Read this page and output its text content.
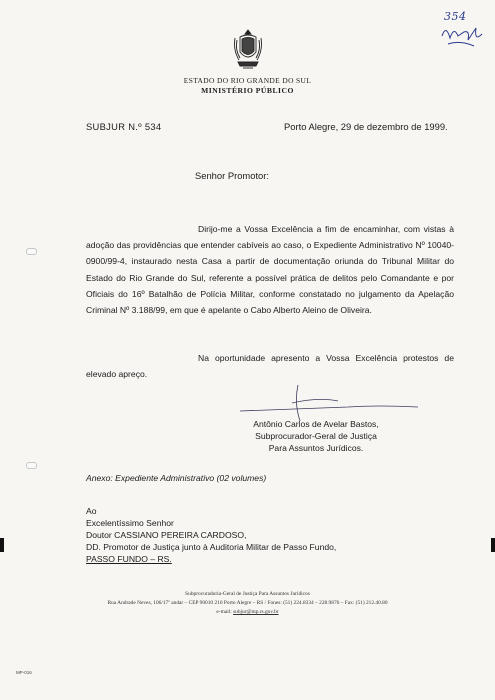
ESTADO DO RIO GRANDE DO SUL
MINISTÉRIO PÚBLICO
354
SUBJUR N.º 534	Porto Alegre, 29 de dezembro de 1999.
Senhor Promotor:
Dirijo-me a Vossa Excelência a fim de encaminhar, com vistas à adoção das providências que entender cabíveis ao caso, o Expediente Administrativo Nº 10040-0900/99-4, instaurado nesta Casa a partir de documentação oriunda do Tribunal Militar do Estado do Rio Grande do Sul, referente a possível prática de delitos pelo Comandante e por Oficiais do 16º Batalhão de Polícia Militar, conforme constatado no julgamento da Apelação Criminal Nº 3.188/99, em que é apelante o Cabo Alberto Aleino de Oliveira.
Na oportunidade apresento a Vossa Excelência protestos de elevado apreço.
Antônio Carlos de Avelar Bastos,
Subprocurador-Geral de Justiça
Para Assuntos Jurídicos.
Anexo: Expediente Administrativo (02 volumes)
Ao
Excelentíssimo Senhor
Doutor CASSIANO PEREIRA CARDOSO,
DD. Promotor de Justiça junto à Auditoria Militar de Passo Fundo,
PASSO FUNDO – RS.
Subprocuradoria-Geral de Justiça Para Assuntos Jurídicos
Rua Andrade Neves, 106/17º andar – CEP 90010 210 Porto Alegre – RS / Fones: (51) 224.8334 – 228.9876 – Fax: (51) 212.40.80
e-mail: subjur@mp.rs.gov.br
MP-016
